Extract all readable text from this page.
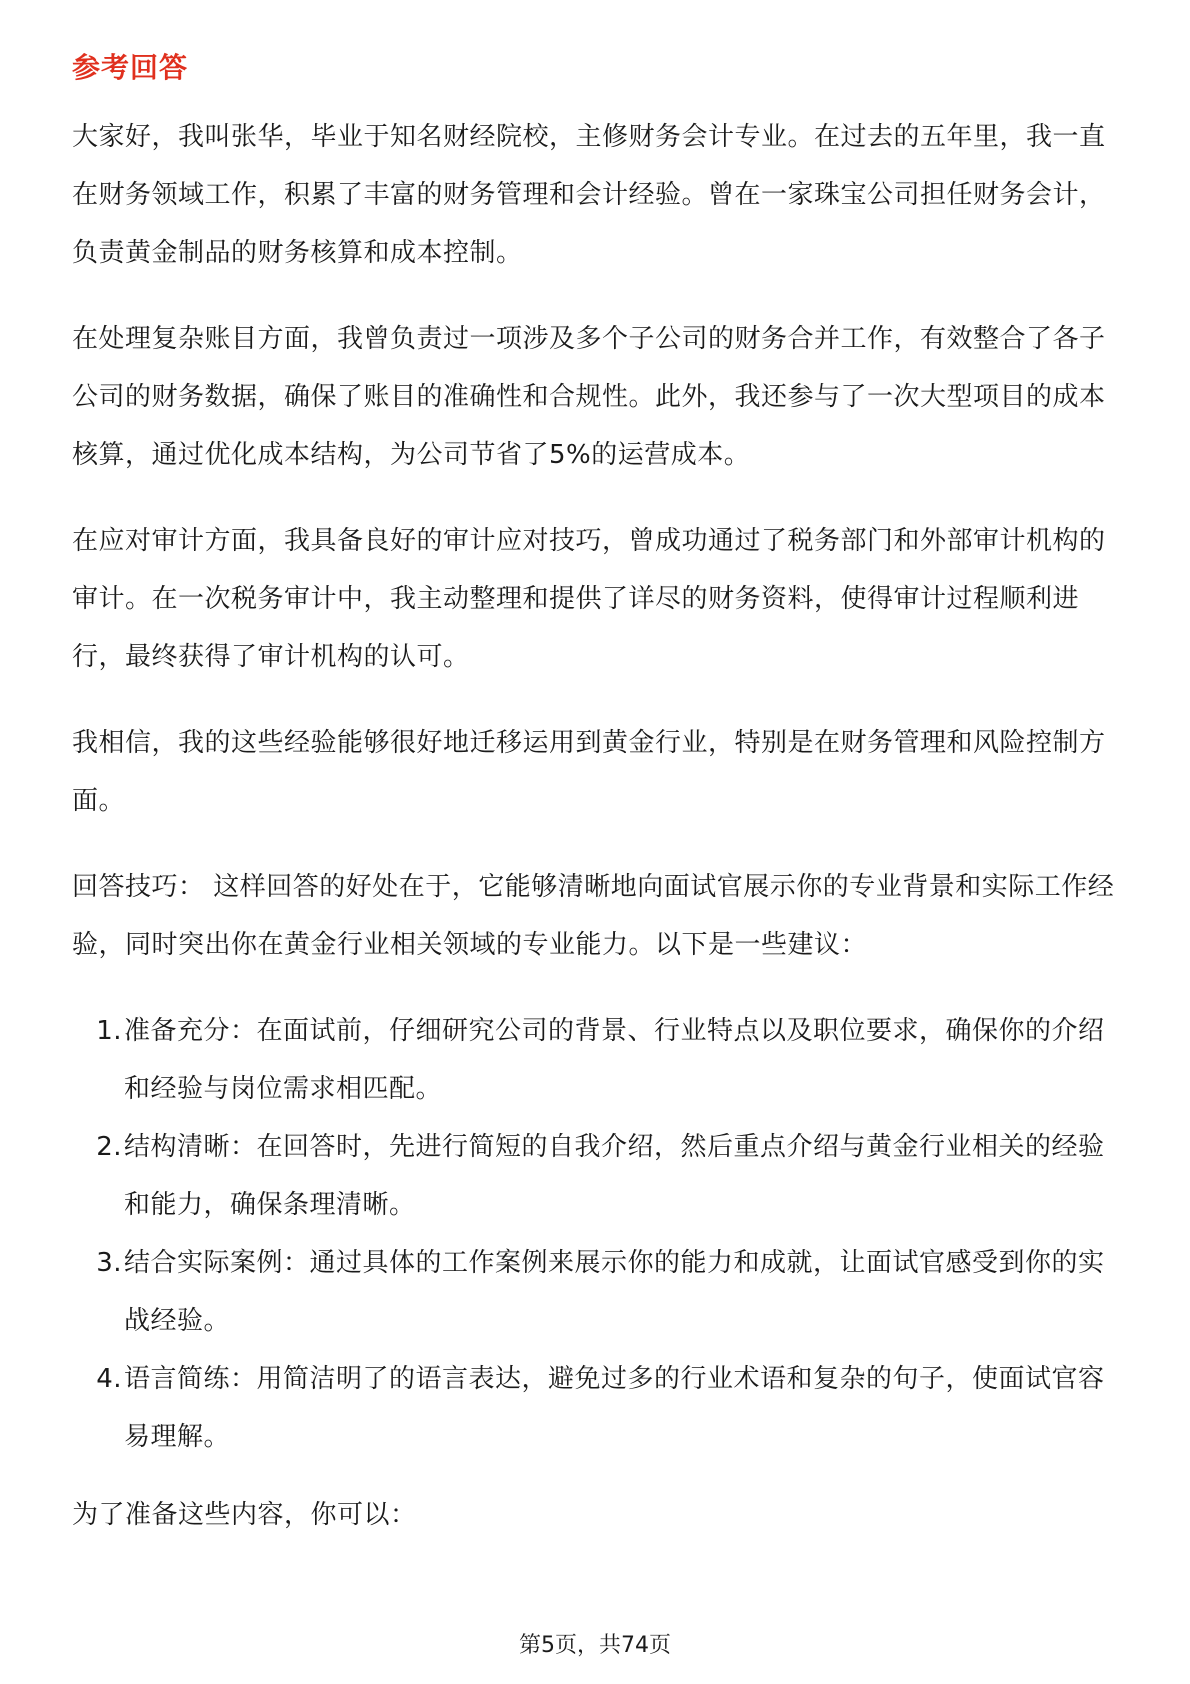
参考回答

大家好，我叫张华，毕业于知名财经院校，主修财务会计专业。在过去的五年里，我一直在财务领域工作，积累了丰富的财务管理和会计经验。曾在一家珠宝公司担任财务会计，负责黄金制品的财务核算和成本控制。

在处理复杂账目方面，我曾负责过一项涉及多个子公司的财务合并工作，有效整合了各子公司的财务数据，确保了账目的准确性和合规性。此外，我还参与了一次大型项目的成本核算，通过优化成本结构，为公司节省了5%的运营成本。

在应对审计方面，我具备良好的审计应对技巧，曾成功通过了税务部门和外部审计机构的审计。在一次税务审计中，我主动整理和提供了详尽的财务资料，使得审计过程顺利进行，最终获得了审计机构的认可。

我相信，我的这些经验能够很好地迁移运用到黄金行业，特别是在财务管理和风险控制方面。

回答技巧： 这样回答的好处在于，它能够清晰地向面试官展示你的专业背景和实际工作经验，同时突出你在黄金行业相关领域的专业能力。以下是一些建议：

1. 准备充分：在面试前，仔细研究公司的背景、行业特点以及职位要求，确保你的介绍和经验与岗位需求相匹配。
2. 结构清晰：在回答时，先进行简短的自我介绍，然后重点介绍与黄金行业相关的经验和能力，确保条理清晰。
3. 结合实际案例：通过具体的工作案例来展示你的能力和成就，让面试官感受到你的实战经验。
4. 语言简练：用简洁明了的语言表达，避免过多的行业术语和复杂的句子，使面试官容易理解。

为了准备这些内容，你可以：

第5页，共74页
